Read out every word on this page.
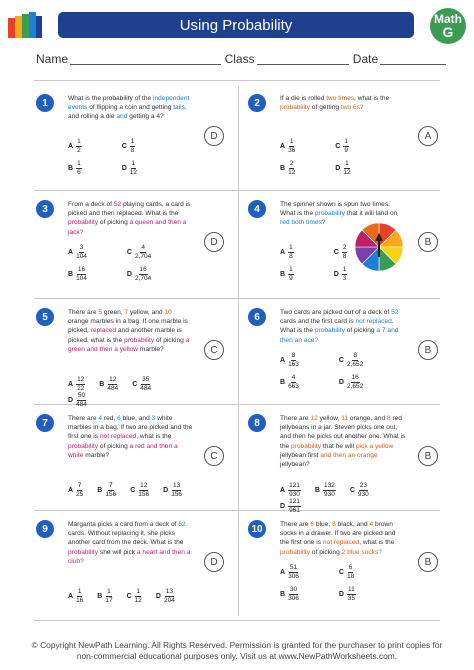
Using Probability	Math
G
Name	Class	Date
1	What is the probability of the independent events of flipping a coin and getting tails, and rolling a die and getting a 4?
A $\frac{1}{2}$	C $\frac{1}{8}$
B $\frac{1}{6}$	D $\frac{1}{12}$
D
2	If a die is rolled two times, what is the probability of getting two 6s?
A $\frac{1}{36}$	C $\frac{1}{9}$
B $\frac{2}{12}$	D $\frac{1}{12}$
A
3	From a deck of 52 playing cards, a card is picked and then replaced. What is the probability of picking a queen and then a jack?
A $\frac{3}{104}$	C $\frac{4}{2,704}$
B $\frac{16}{104}$	D $\frac{16}{2,704}$
D
4	The spinner shown is spun two times. What is the probability that it will land on red both times?
A $\frac{1}{8}$	C $\frac{2}{8}$
B $\frac{1}{9}$	D $\frac{1}{3}$
B
5	There are 5 green, 7 yellow, and 10 orange marbles in a bag. If one marble is picked, replaced and another marble is picked, what is the probability of picking a green and then a yellow marble?
A $\frac{12}{22}$ B $\frac{12}{484}$ C $\frac{35}{484}$
D $\frac{50}{484}$
C
6	Two cards are picked out of a deck of 52 cards and the first card is not replaced. What is the probability of picking a 7 and then an ace?
A $\frac{8}{163}$	C $\frac{8}{2,652}$
B $\frac{4}{663}$	D $\frac{16}{2,652}$
B
7	There are 4 red, 6 blue, and 3 white marbles in a bag. If two are picked and the first one is not replaced, what is the probability of picking a red and then a white marble?
A $\frac{7}{25}$ B $\frac{7}{156}$ C $\frac{12}{156}$ D $\frac{13}{156}$
C
8	There are 12 yellow, 11 orange, and 8 red jellybeans in a jar. Steven picks one out, and then he picks out another one. What is the probability that he will pick a yellow jellybean first and then an orange jellybean?
A $\frac{121}{930}$ B $\frac{132}{930}$ C $\frac{23}{930}$
D $\frac{121}{961}$
B
9	Margarita picks a card from a deck of 52 cards. Without replacing it, she picks another card from the deck. What is the probability she will pick a heart and then a club?
A $\frac{1}{16}$ B $\frac{1}{17}$ C $\frac{1}{12}$ D $\frac{13}{204}$
D
10	There are 6 blue, 8 black, and 4 brown socks in a drawer. If two are picked and the first one is not replaced, what is the probability of picking 2 blue socks?
A $\frac{51}{306}$	C $\frac{6}{18}$
B $\frac{30}{306}$	D $\frac{11}{35}$
B
© Copyright NewPath Learning. All Rights Reserved. Permission is granted for the purchaser to print copies for
non-commercial educational purposes only. Visit us at www.NewPathWorksheets.com.
